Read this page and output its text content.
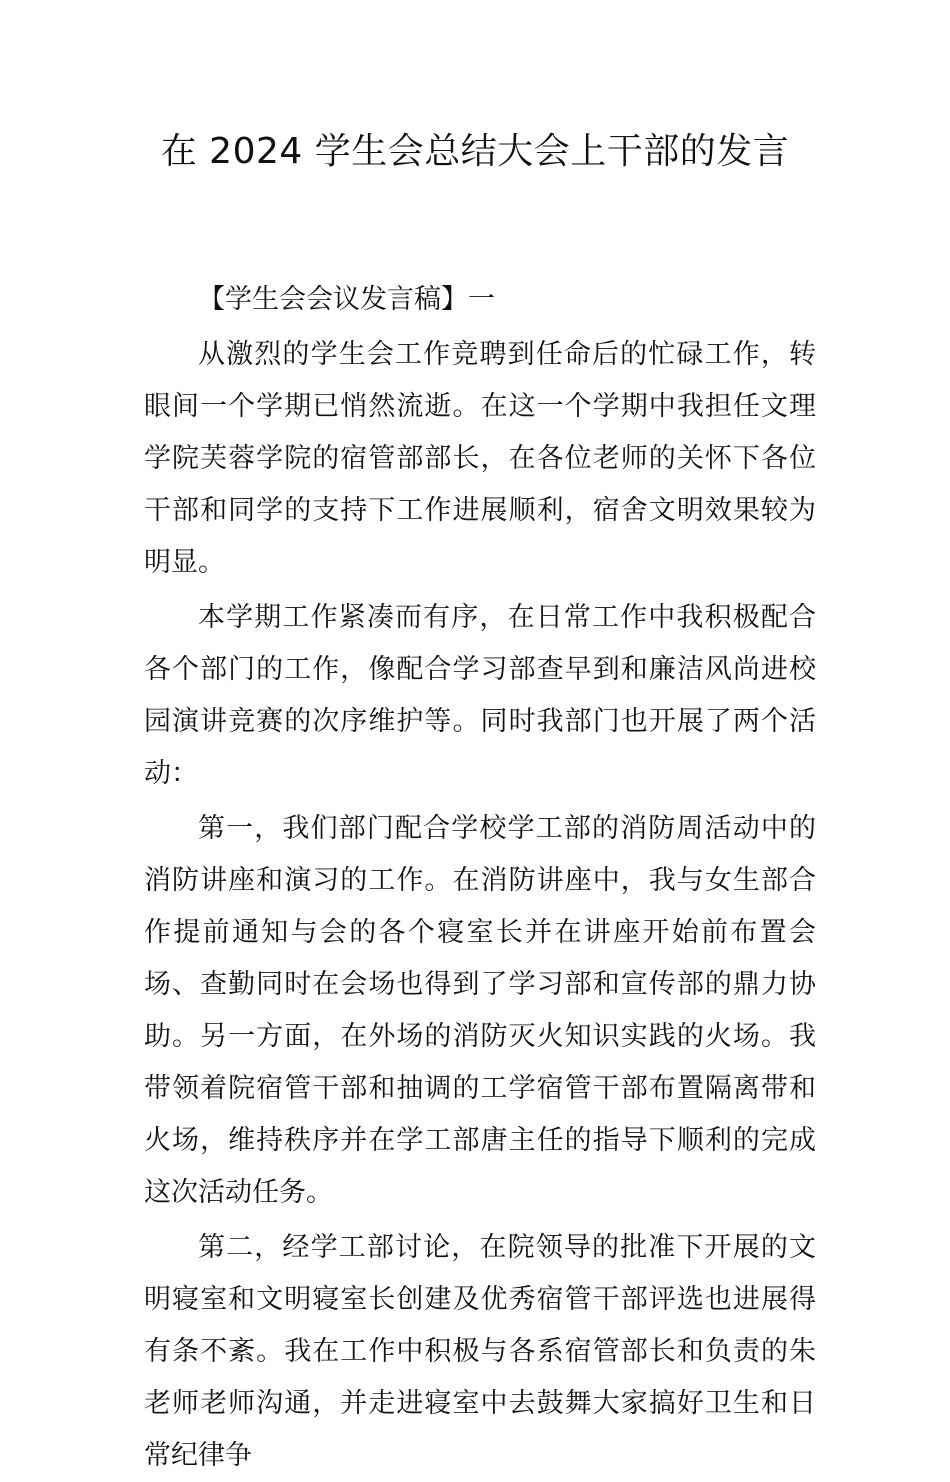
在 2024 学生会总结大会上干部的发言

【学生会会议发言稿】一

从激烈的学生会工作竞聘到任命后的忙碌工作，转眼间一个学期已悄然流逝。在这一个学期中我担任文理学院芙蓉学院的宿管部部长，在各位老师的关怀下各位干部和同学的支持下工作进展顺利，宿舍文明效果较为明显。

本学期工作紧凑而有序，在日常工作中我积极配合各个部门的工作，像配合学习部查早到和廉洁风尚进校园演讲竞赛的次序维护等。同时我部门也开展了两个活动：

第一，我们部门配合学校学工部的消防周活动中的消防讲座和演习的工作。在消防讲座中，我与女生部合作提前通知与会的各个寝室长并在讲座开始前布置会场、查勤同时在会场也得到了学习部和宣传部的鼎力协助。另一方面，在外场的消防灭火知识实践的火场。我带领着院宿管干部和抽调的工学宿管干部布置隔离带和火场，维持秩序并在学工部唐主任的指导下顺利的完成这次活动任务。

第二，经学工部讨论，在院领导的批准下开展的文明寝室和文明寝室长创建及优秀宿管干部评选也进展得有条不紊。我在工作中积极与各系宿管部长和负责的朱老师老师沟通，并走进寝室中去鼓舞大家搞好卫生和日常纪律争
